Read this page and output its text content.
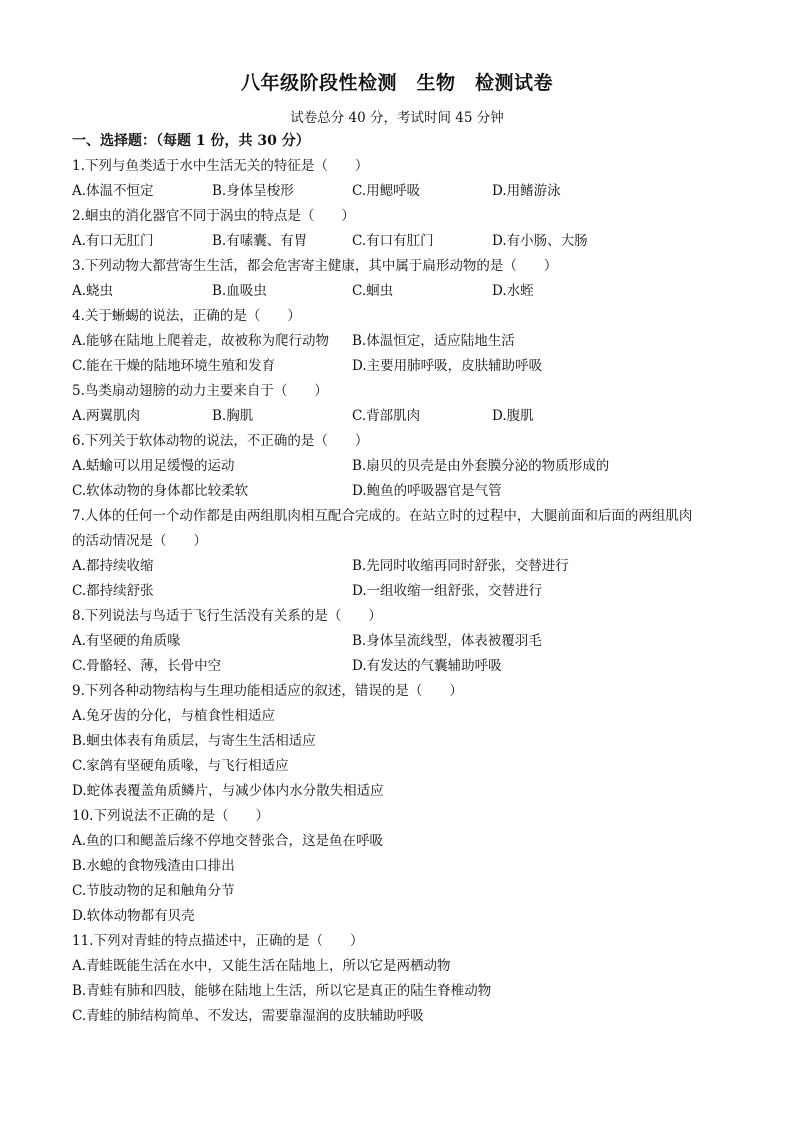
八年级阶段性检测　生物　检测试卷
试卷总分 40 分，考试时间 45 分钟
一、选择题：（每题 1 份，共 30 分）
1.下列与鱼类适于水中生活无关的特征是（　　）
A.体温不恒定	B.身体呈梭形	C.用鳃呼吸	D.用鳍游泳
2.蛔虫的消化器官不同于涡虫的特点是（　　）
A.有口无肛门	B.有嗉囊、有胃	C.有口有肛门	D.有小肠、大肠
3.下列动物大都营寄生生活，都会危害寄主健康，其中属于扁形动物的是（　　）
A.蛲虫	B.血吸虫	C.蛔虫	D.水蛭
4.关于蜥蜴的说法，正确的是（　　）
A.能够在陆地上爬着走，故被称为爬行动物 B.体温恒定，适应陆地生活
C.能在干燥的陆地环境生殖和发育	D.主要用肺呼吸，皮肤辅助呼吸
5.鸟类扇动翅膀的动力主要来自于（　　）
A.两翼肌肉	B.胸肌	C.背部肌肉	D.腹肌
6.下列关于软体动物的说法，不正确的是（　　）
A.蛞蝓可以用足缓慢的运动	B.扇贝的贝壳是由外套膜分泌的物质形成的
C.软体动物的身体都比较柔软	D.鲍鱼的呼吸器官是气管
7.人体的任何一个动作都是由两组肌肉相互配合完成的。在站立时的过程中，大腿前面和后面的两组肌肉
的活动情况是（　　）
A.都持续收缩	B.先同时收缩再同时舒张，交替进行
C.都持续舒张	D.一组收缩一组舒张，交替进行
8.下列说法与鸟适于飞行生活没有关系的是（　　）
A.有坚硬的角质喙	B.身体呈流线型，体表被覆羽毛
C.骨骼轻、薄，长骨中空	D.有发达的气囊辅助呼吸
9.下列各种动物结构与生理功能相适应的叙述，错误的是（　　）
A.兔牙齿的分化，与植食性相适应
B.蛔虫体表有角质层，与寄生生活相适应
C.家鸽有坚硬角质喙，与飞行相适应
D.蛇体表覆盖角质鳞片，与减少体内水分散失相适应
10.下列说法不正确的是（　　）
A.鱼的口和鳃盖后缘不停地交替张合，这是鱼在呼吸
B.水螅的食物残渣由口排出
C.节肢动物的足和触角分节
D.软体动物都有贝壳
11.下列对青蛙的特点描述中，正确的是（　　）
A.青蛙既能生活在水中，又能生活在陆地上，所以它是两栖动物
B.青蛙有肺和四肢，能够在陆地上生活，所以它是真正的陆生脊椎动物
C.青蛙的肺结构简单、不发达，需要靠湿润的皮肤辅助呼吸
